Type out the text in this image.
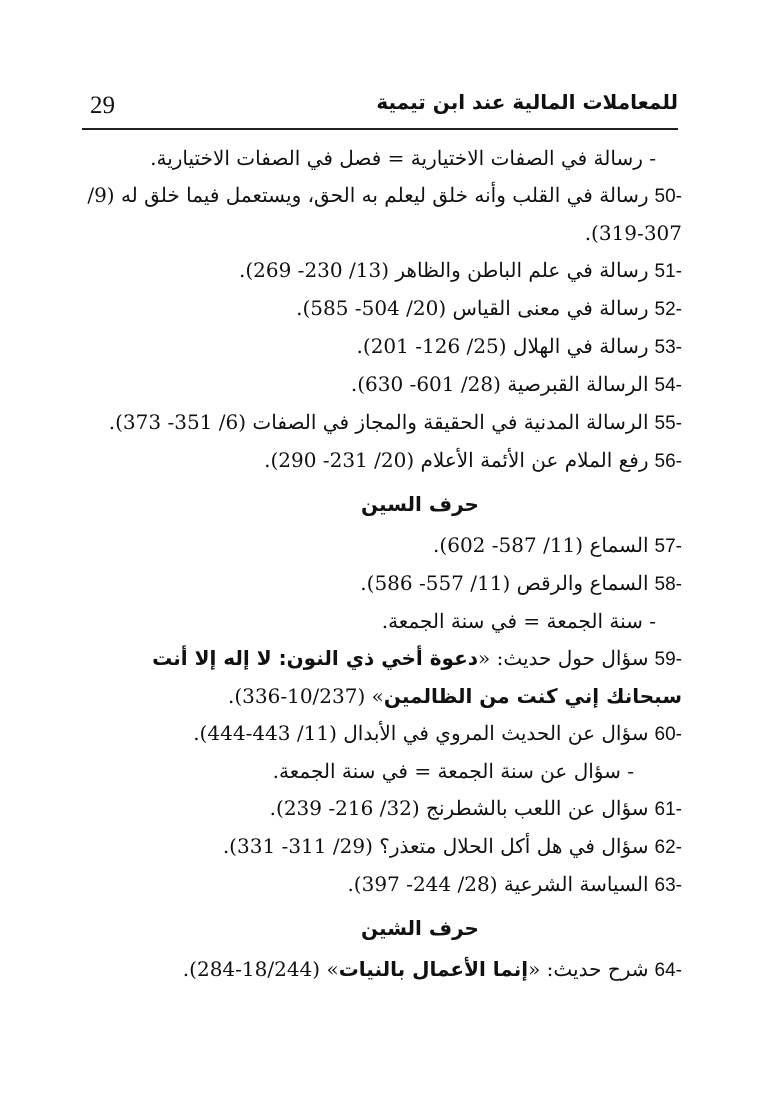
29	للمعاملات المالية عند ابن تيمية
- رسالة في الصفات الاختيارية = فصل في الصفات الاختيارية.
50-رسالة في القلب وأنه خلق ليعلم به الحق، ويستعمل فيما خلق له (9/ 307-319).
51-رسالة في علم الباطن والظاهر (13/ 230- 269).
52-رسالة في معنى القياس (20/ 504- 585).
53-رسالة في الهلال (25/ 126- 201).
54-الرسالة القبرصية (28/ 601- 630).
55-الرسالة المدنية في الحقيقة والمجاز في الصفات (6/ 351- 373).
56-رفع الملام عن الأئمة الأعلام (20/ 231- 290).
حرف السين
57-السماع (11/ 587- 602).
58-السماع والرقص (11/ 557- 586).
- سنة الجمعة = في سنة الجمعة.
59-سؤال حول حديث: «دعوة أخي ذي النون: لا إله إلا أنت سبحانك إني كنت من الظالمين» (10/237-336).
60-سؤال عن الحديث المروي في الأبدال (11/ 443-444).
- سؤال عن سنة الجمعة = في سنة الجمعة.
61-سؤال عن اللعب بالشطرنج (32/ 216- 239).
62-سؤال في هل أكل الحلال متعذر؟ (29/ 311- 331).
63-السياسة الشرعية (28/ 244- 397).
حرف الشين
64-شرح حديث: «إنما الأعمال بالنيات» (18/244-284).
